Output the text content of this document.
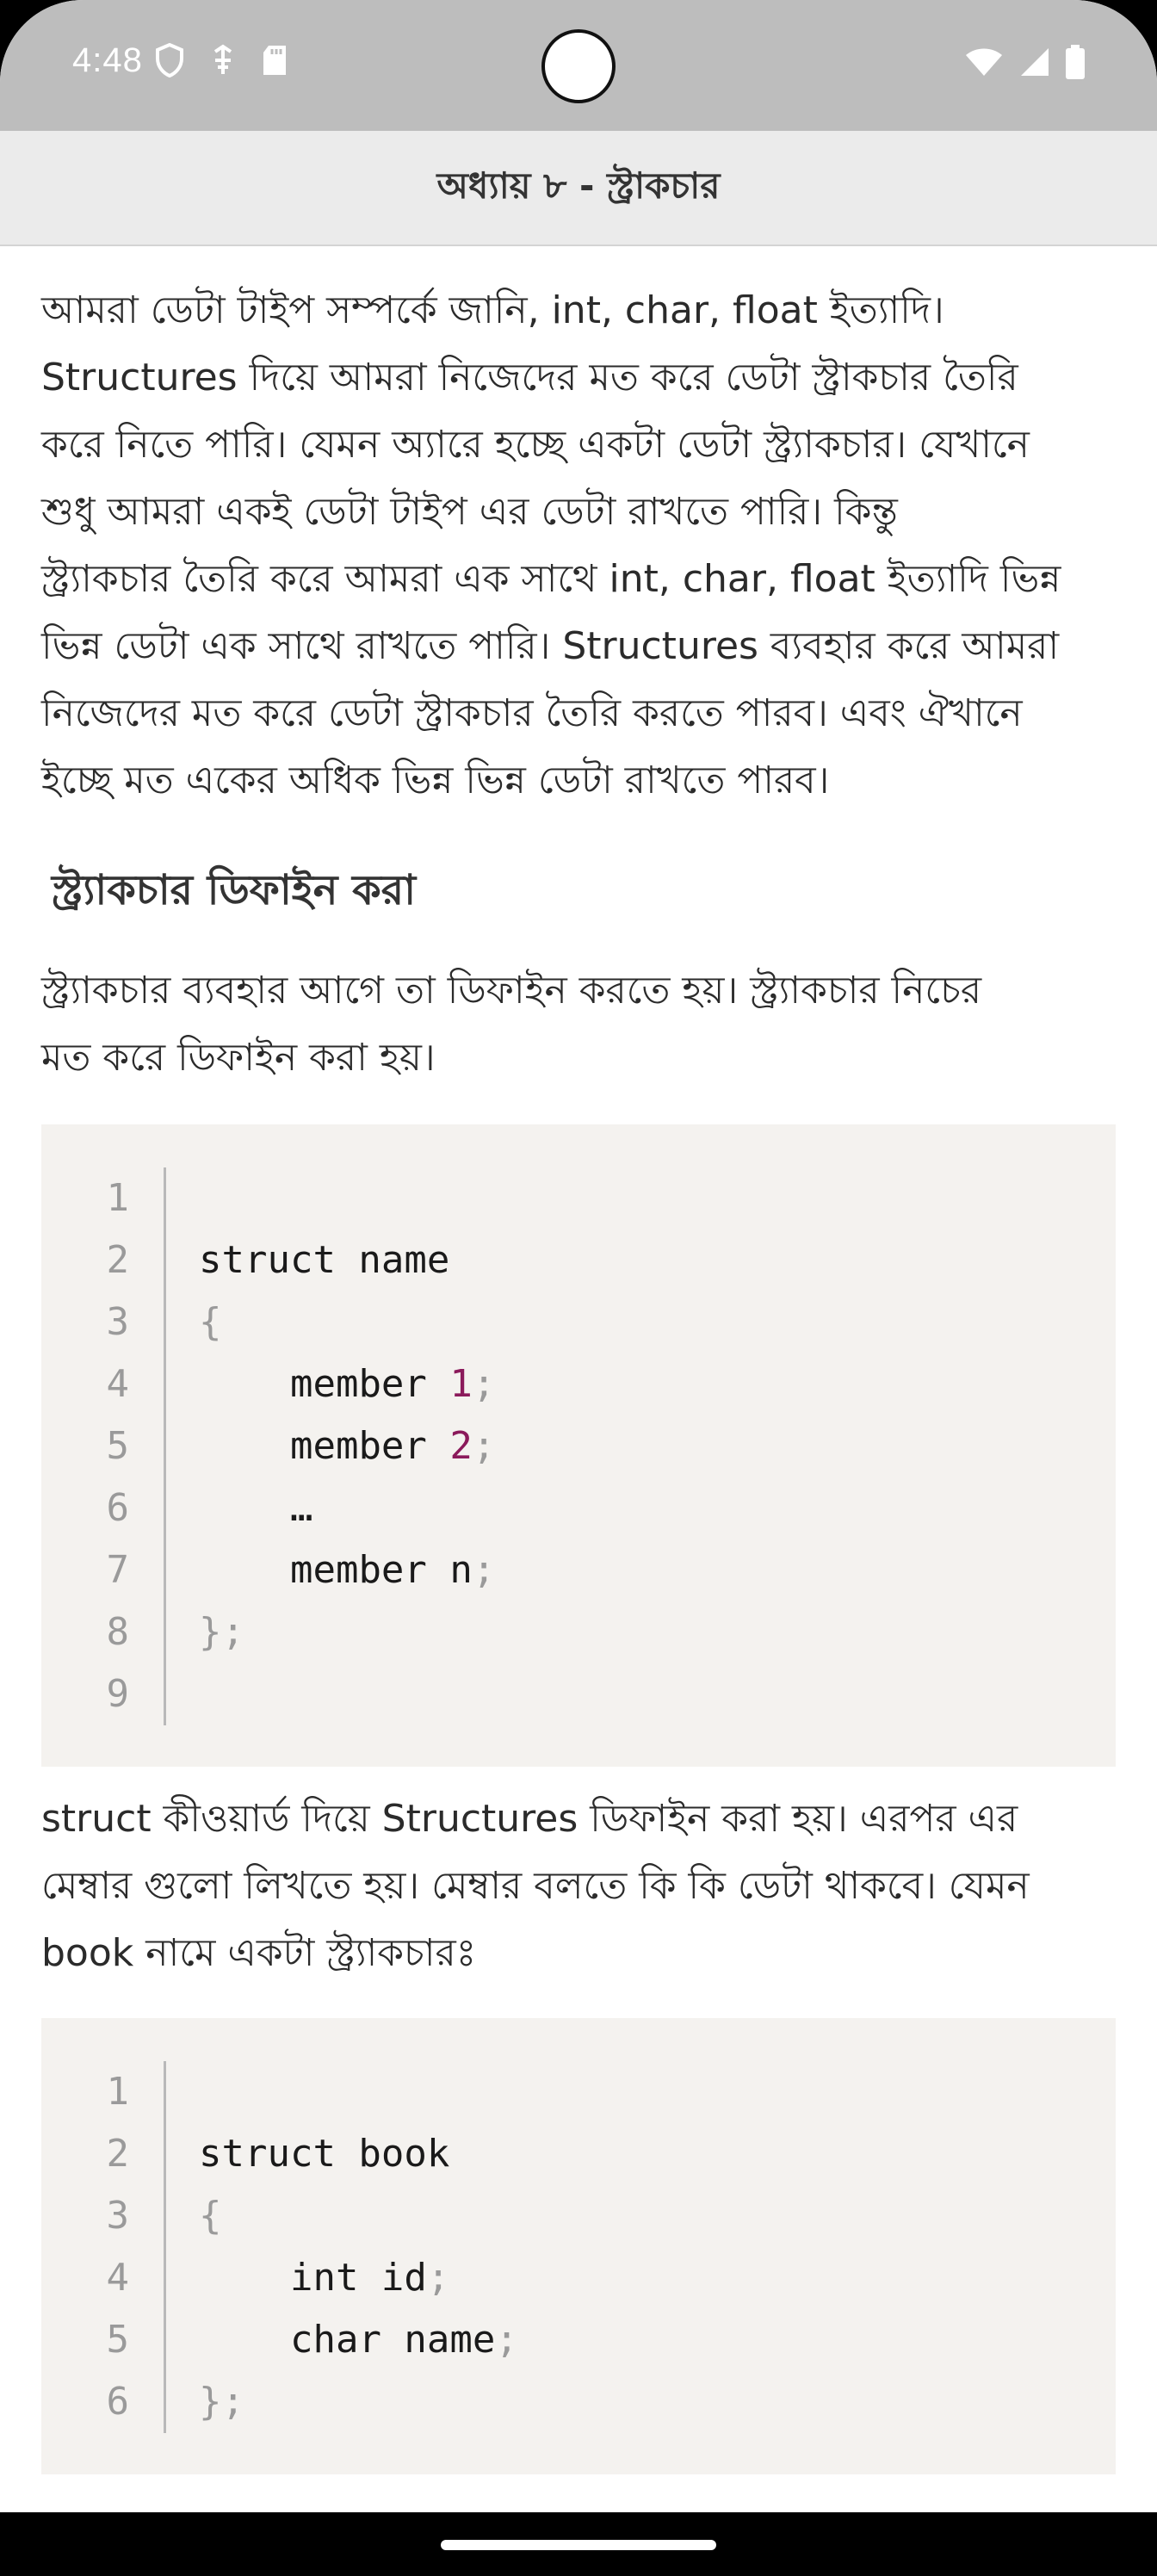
4:48
অধ্যায় ৮ - স্ট্রাকচার
আমরা ডেটা টাইপ সম্পর্কে জানি, int, char, float ইত্যাদি।
Structures দিয়ে আমরা নিজেদের মত করে ডেটা স্ট্রাকচার তৈরি
করে নিতে পারি। যেমন অ্যারে হচ্ছে একটা ডেটা স্ট্র্যাকচার। যেখানে
শুধু আমরা একই ডেটা টাইপ এর ডেটা রাখতে পারি। কিন্তু
স্ট্র্যাকচার তৈরি করে আমরা এক সাথে int, char, float ইত্যাদি ভিন্ন
ভিন্ন ডেটা এক সাথে রাখতে পারি। Structures ব্যবহার করে আমরা
নিজেদের মত করে ডেটা স্ট্রাকচার তৈরি করতে পারব। এবং ঐখানে
ইচ্ছে মত একের অধিক ভিন্ন ভিন্ন ডেটা রাখতে পারব।
স্ট্র্যাকচার ডিফাইন করা
স্ট্র্যাকচার ব্যবহার আগে তা ডিফাইন করতে হয়। স্ট্র্যাকচার নিচের
মত করে ডিফাইন করা হয়।
1
2
3
4
5
6
7
8
9
struct name
{
member 1;
member 2;
…
member n;
};
struct কীওয়ার্ড দিয়ে Structures ডিফাইন করা হয়। এরপর এর
মেম্বার গুলো লিখতে হয়। মেম্বার বলতে কি কি ডেটা থাকবে। যেমন
book নামে একটা স্ট্র্যাকচারঃ
1
2
3
4
5
6
struct book
{
int id;
char name;
};
